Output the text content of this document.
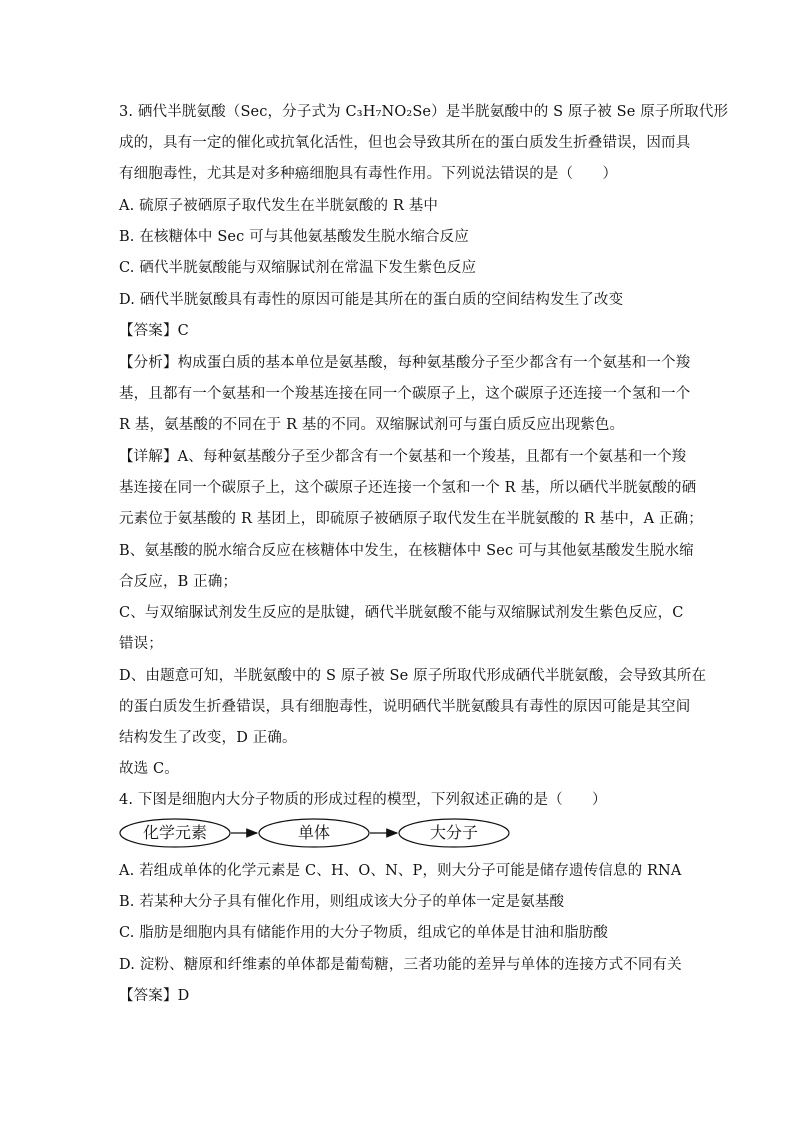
3. 硒代半胱氨酸（Sec，分子式为 C₃H₇NO₂Se）是半胱氨酸中的 S 原子被 Se 原子所取代形
成的，具有一定的催化或抗氧化活性，但也会导致其所在的蛋白质发生折叠错误，因而具
有细胞毒性，尤其是对多种癌细胞具有毒性作用。下列说法错误的是（　　）
A. 硫原子被硒原子取代发生在半胱氨酸的 R 基中
B. 在核糖体中 Sec 可与其他氨基酸发生脱水缩合反应
C. 硒代半胱氨酸能与双缩脲试剂在常温下发生紫色反应
D. 硒代半胱氨酸具有毒性的原因可能是其所在的蛋白质的空间结构发生了改变
【答案】C
【分析】构成蛋白质的基本单位是氨基酸，每种氨基酸分子至少都含有一个氨基和一个羧
基，且都有一个氨基和一个羧基连接在同一个碳原子上，这个碳原子还连接一个氢和一个
R 基，氨基酸的不同在于 R 基的不同。双缩脲试剂可与蛋白质反应出现紫色。
【详解】A、每种氨基酸分子至少都含有一个氨基和一个羧基，且都有一个氨基和一个羧
基连接在同一个碳原子上，这个碳原子还连接一个氢和一个 R 基，所以硒代半胱氨酸的硒
元素位于氨基酸的 R 基团上，即硫原子被硒原子取代发生在半胱氨酸的 R 基中，A 正确；
B、氨基酸的脱水缩合反应在核糖体中发生，在核糖体中 Sec 可与其他氨基酸发生脱水缩
合反应，B 正确；
C、与双缩脲试剂发生反应的是肽键，硒代半胱氨酸不能与双缩脲试剂发生紫色反应，C
错误；
D、由题意可知，半胱氨酸中的 S 原子被 Se 原子所取代形成硒代半胱氨酸，会导致其所在
的蛋白质发生折叠错误，具有细胞毒性，说明硒代半胱氨酸具有毒性的原因可能是其空间
结构发生了改变，D 正确。
故选 C。
4. 下图是细胞内大分子物质的形成过程的模型，下列叙述正确的是（　　）
化学元素	单体	大分子
A. 若组成单体的化学元素是 C、H、O、N、P，则大分子可能是储存遗传信息的 RNA
B. 若某种大分子具有催化作用，则组成该大分子的单体一定是氨基酸
C. 脂肪是细胞内具有储能作用的大分子物质，组成它的单体是甘油和脂肪酸
D. 淀粉、糖原和纤维素的单体都是葡萄糖，三者功能的差异与单体的连接方式不同有关
【答案】D
